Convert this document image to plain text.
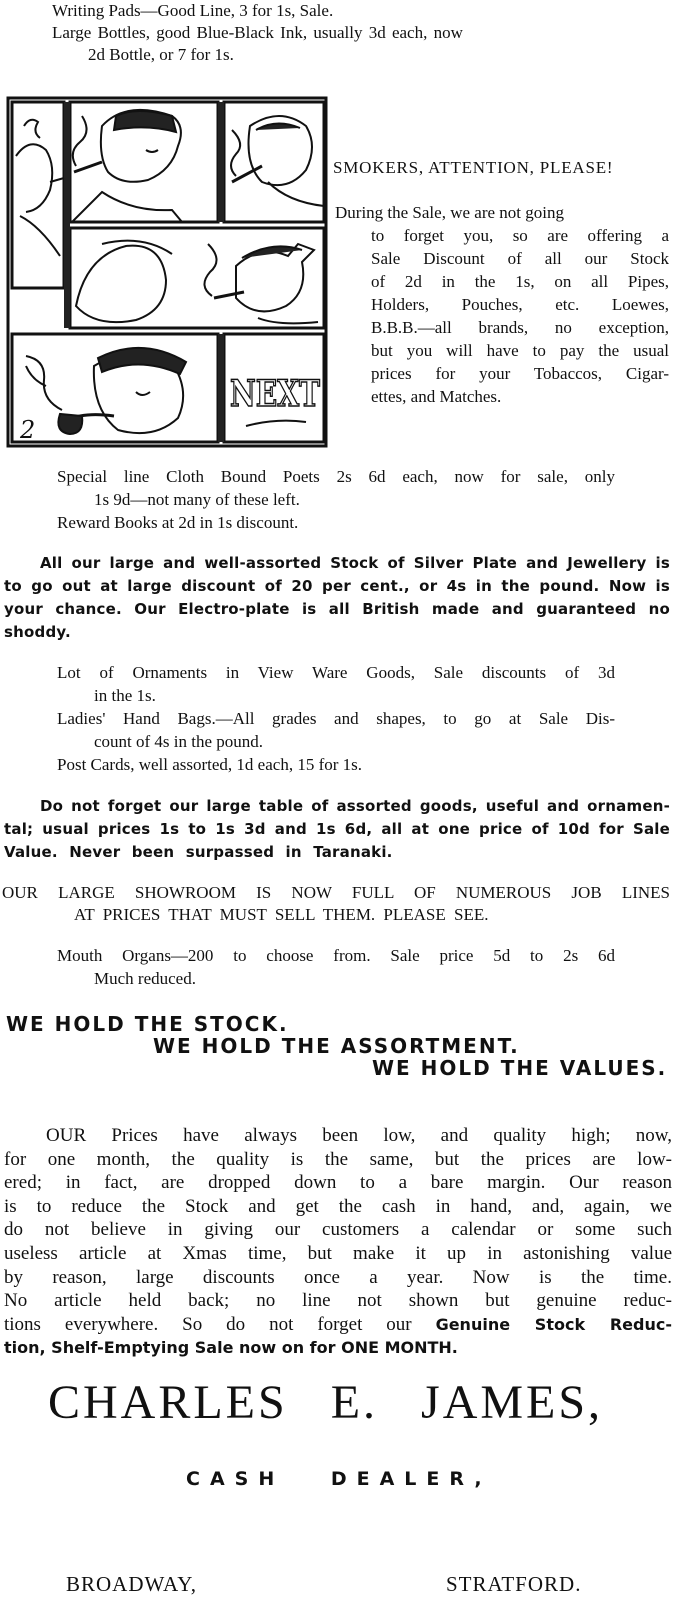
Writing Pads—Good Line, 3 for 1s, Sale.

Large Bottles, good Blue-Black Ink, usually 3d each, now

2d Bottle, or 7 for 1s.

2
NEXT

SMOKERS, ATTENTION, PLEASE!

During the Sale, we are not going

to forget you, so are offering a

Sale Discount of all our Stock

of 2d in the 1s, on all Pipes,

Holders, Pouches, etc. Loewes,

B.B.B.—all brands, no exception,

but you will have to pay the usual

prices for your Tobaccos, Cigar-

ettes, and Matches.

Special line Cloth Bound Poets 2s 6d each, now for sale, only

1s 9d—not many of these left.

Reward Books at 2d in 1s discount.

All our large and well-assorted Stock of Silver Plate and Jewellery is

to go out at large discount of 20 per cent., or 4s in the pound. Now is

your chance. Our Electro-plate is all British made and guaranteed no

shoddy.

Lot of Ornaments in View Ware Goods, Sale discounts of 3d

in the 1s.

Ladies' Hand Bags.—All grades and shapes, to go at Sale Dis-

count of 4s in the pound.

Post Cards, well assorted, 1d each, 15 for 1s.

Do not forget our large table of assorted goods, useful and ornamen-

tal; usual prices 1s to 1s 3d and 1s 6d, all at one price of 10d for Sale

Value. Never been surpassed in Taranaki.

OUR LARGE SHOWROOM IS NOW FULL OF NUMEROUS JOB LINES

AT PRICES THAT MUST SELL THEM. PLEASE SEE.

Mouth Organs—200 to choose from. Sale price 5d to 2s 6d

Much reduced.

WE HOLD THE STOCK.

WE HOLD THE ASSORTMENT.

WE HOLD THE VALUES.

OUR Prices have always been low, and quality high; now,
for one month, the quality is the same, but the prices are low-
ered; in fact, are dropped down to a bare margin. Our reason
is to reduce the Stock and get the cash in hand, and, again, we
do not believe in giving our customers a calendar or some such
useless article at Xmas time, but make it up in astonishing value
by reason, large discounts once a year. Now is the time.
No article held back; no line not shown but genuine reduc-
tions everywhere. So do not forget our Genuine Stock Reduc-
tion, Shelf-Emptying Sale now on for ONE MONTH.

CHARLES E. JAMES,

CASH DEALER,

BROADWAY,	STRATFORD.
